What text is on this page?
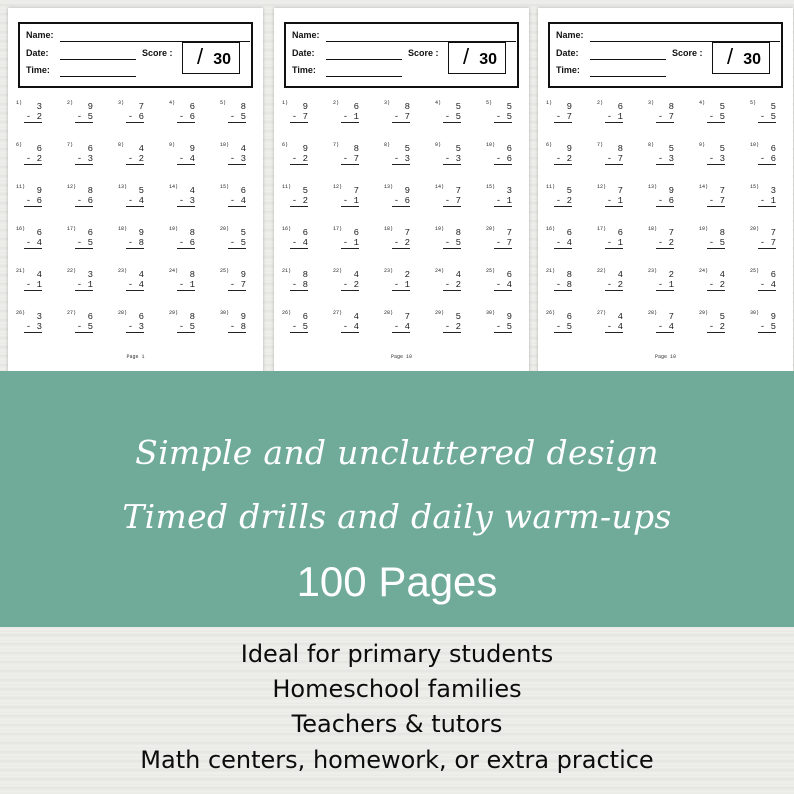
Name:
Date:
Time:
Score : / 30
1) 3
- 2
2) 9
- 5
3) 7
- 6
4) 6
- 6
5) 8
- 5
6) 6
- 2
7) 6
- 3
8) 4
- 2
9) 9
- 4
10) 4
- 3
11) 9
- 6
12) 8
- 6
13) 5
- 4
14) 4
- 3
15) 6
- 4
16) 6
- 4
17) 6
- 5
18) 9
- 8
19) 8
- 6
20) 5
- 5
21) 4
- 1
22) 3
- 1
23) 4
- 4
24) 8
- 1
25) 9
- 7
26) 3
- 3
27) 6
- 5
28) 6
- 3
29) 8
- 5
30) 9
- 8
Page 1
Name:
Date:
Time:
Score : / 30
1) 9
- 7
2) 6
- 1
3) 8
- 7
4) 5
- 5
5) 5
- 5
6) 9
- 2
7) 8
- 7
8) 5
- 3
9) 5
- 3
10) 6
- 6
11) 5
- 2
12) 7
- 1
13) 9
- 6
14) 7
- 7
15) 3
- 1
16) 6
- 4
17) 6
- 1
18) 7
- 2
19) 8
- 5
20) 7
- 7
21) 8
- 8
22) 4
- 2
23) 2
- 1
24) 4
- 2
25) 6
- 4
26) 6
- 5
27) 4
- 4
28) 7
- 4
29) 5
- 2
30) 9
- 5
Page 10
Name:
Date:
Time:
Score : / 30
1) 9
- 7
2) 6
- 1
3) 8
- 7
4) 5
- 5
5) 5
- 5
6) 9
- 2
7) 8
- 7
8) 5
- 3
9) 5
- 3
10) 6
- 6
11) 5
- 2
12) 7
- 1
13) 9
- 6
14) 7
- 7
15) 3
- 1
16) 6
- 4
17) 6
- 1
18) 7
- 2
19) 8
- 5
20) 7
- 7
21) 8
- 8
22) 4
- 2
23) 2
- 1
24) 4
- 2
25) 6
- 4
26) 6
- 5
27) 4
- 4
28) 7
- 4
29) 5
- 2
30) 9
- 5
Page 10
Simple and uncluttered design
Timed drills and daily warm-ups
100 Pages
Ideal for primary students
Homeschool families
Teachers & tutors
Math centers, homework, or extra practice
